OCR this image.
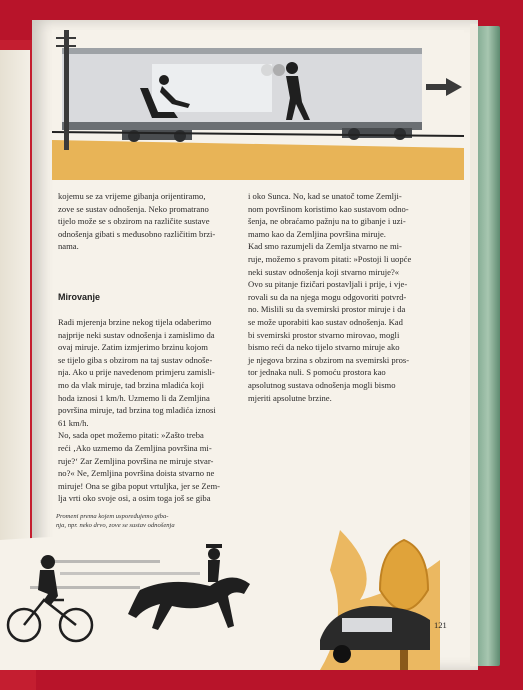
kojemu se za vrijeme gibanja orijentiramo,
zove se sustav odnošenja. Neko promatrano
tijelo može se s obzirom na različite sustave
odnošenja gibati s međusobno različitim brzi-
nama.

Mirovanje

Radi mjerenja brzine nekog tijela odaberimo
najprije neki sustav odnošenja i zamislimo da
ovaj miruje. Zatim izmjerimo brzinu kojom
se tijelo giba s obzirom na taj sustav odnoše-
nja. Ako u prije navedenom primjeru zamisli-
mo da vlak miruje, tad brzina mladića koji
hoda iznosi 1 km/h. Uzmemo li da Zemljina
površina miruje, tad brzina tog mladića iznosi
61 km/h.

No, sada opet možemo pitati: »Zašto treba
reći ‚Ako uzmemo da Zemljina površina mi-
ruje?‘ Zar Zemljina površina ne miruje stvar-
no?« Ne, Zemljina površina doista stvarno ne
miruje! Ona se giba poput vrtuljka, jer se Zem-
lja vrti oko svoje osi, a osim toga još se giba

i oko Sunca. No, kad se unatoč tome Zemlji-
nom površinom koristimo kao sustavom odno-
šenja, ne obraćamo pažnju na to gibanje i uzi-
mamo kao da Zemljina površina miruje.

Kad smo razumjeli da Zemlja stvarno ne mi-
ruje, možemo s pravom pitati: »Postoji li uopće
neki sustav odnošenja koji stvarno miruje?«
Ovo su pitanje fizičari postavljali i prije, i vje-
rovali su da na njega mogu odgovoriti potvrd-
no. Mislili su da svemirski prostor miruje i da
se može uporabiti kao sustav odnošenja. Kad
bi svemirski prostor stvarno mirovao, mogli
bismo reći da neko tijelo stvarno miruje ako
je njegova brzina s obzirom na svemirski pros-
tor jednaka nuli. S pomoću prostora kao
apsolutnog sustava odnošenja mogli bismo
mjeriti apsolutne brzine.

Promeni prema kojem uspoređujemo giba-
nja, npr. neko drvo, zove se sustav odnošenja
121
